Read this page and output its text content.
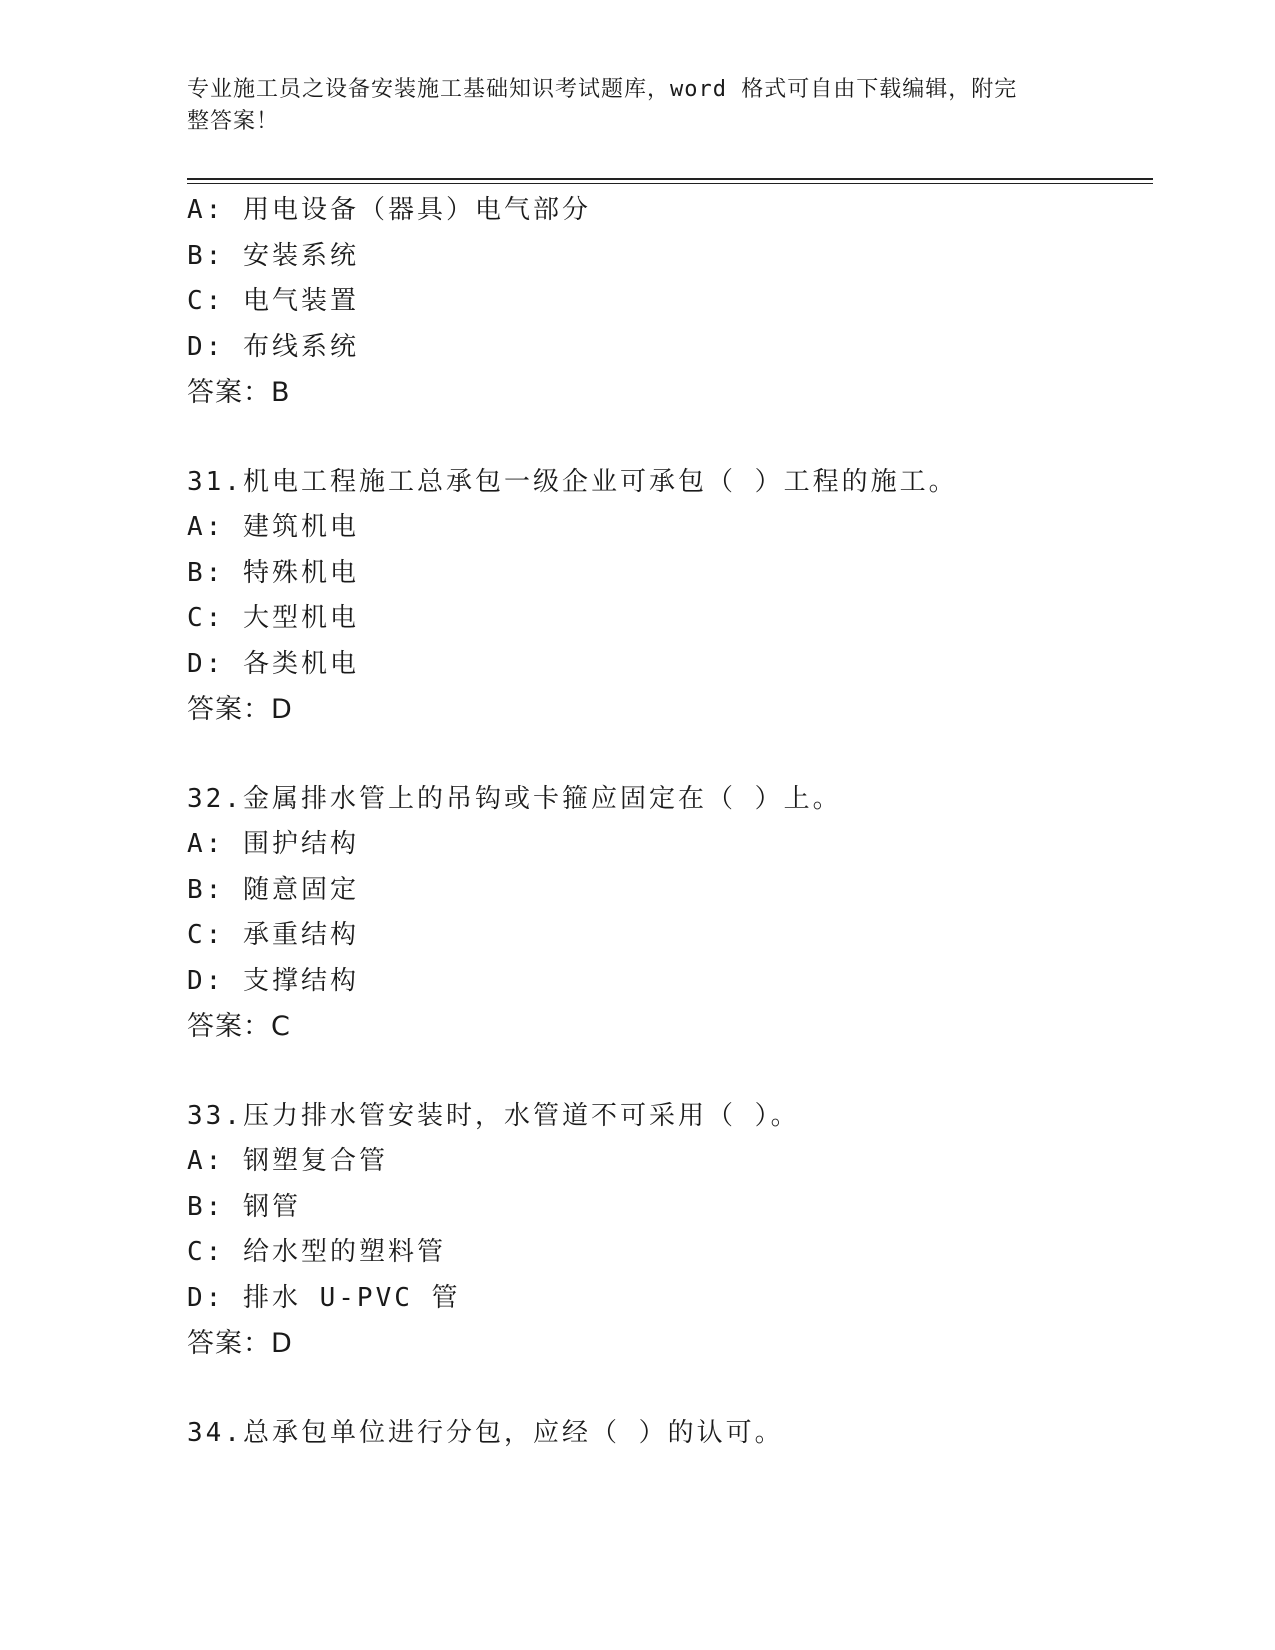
专业施工员之设备安装施工基础知识考试题库，word 格式可自由下载编辑，附完
整答案！
A: 用电设备（器具）电气部分
B: 安装系统
C: 电气装置
D: 布线系统
答案：B
31.机电工程施工总承包一级企业可承包（ ）工程的施工。
A: 建筑机电
B: 特殊机电
C: 大型机电
D: 各类机电
答案：D
32.金属排水管上的吊钩或卡箍应固定在（ ）上。
A: 围护结构
B: 随意固定
C: 承重结构
D: 支撑结构
答案：C
33.压力排水管安装时，水管道不可采用（ ）。
A: 钢塑复合管
B: 钢管
C: 给水型的塑料管
D: 排水 U-PVC 管
答案：D
34.总承包单位进行分包，应经（ ）的认可。
